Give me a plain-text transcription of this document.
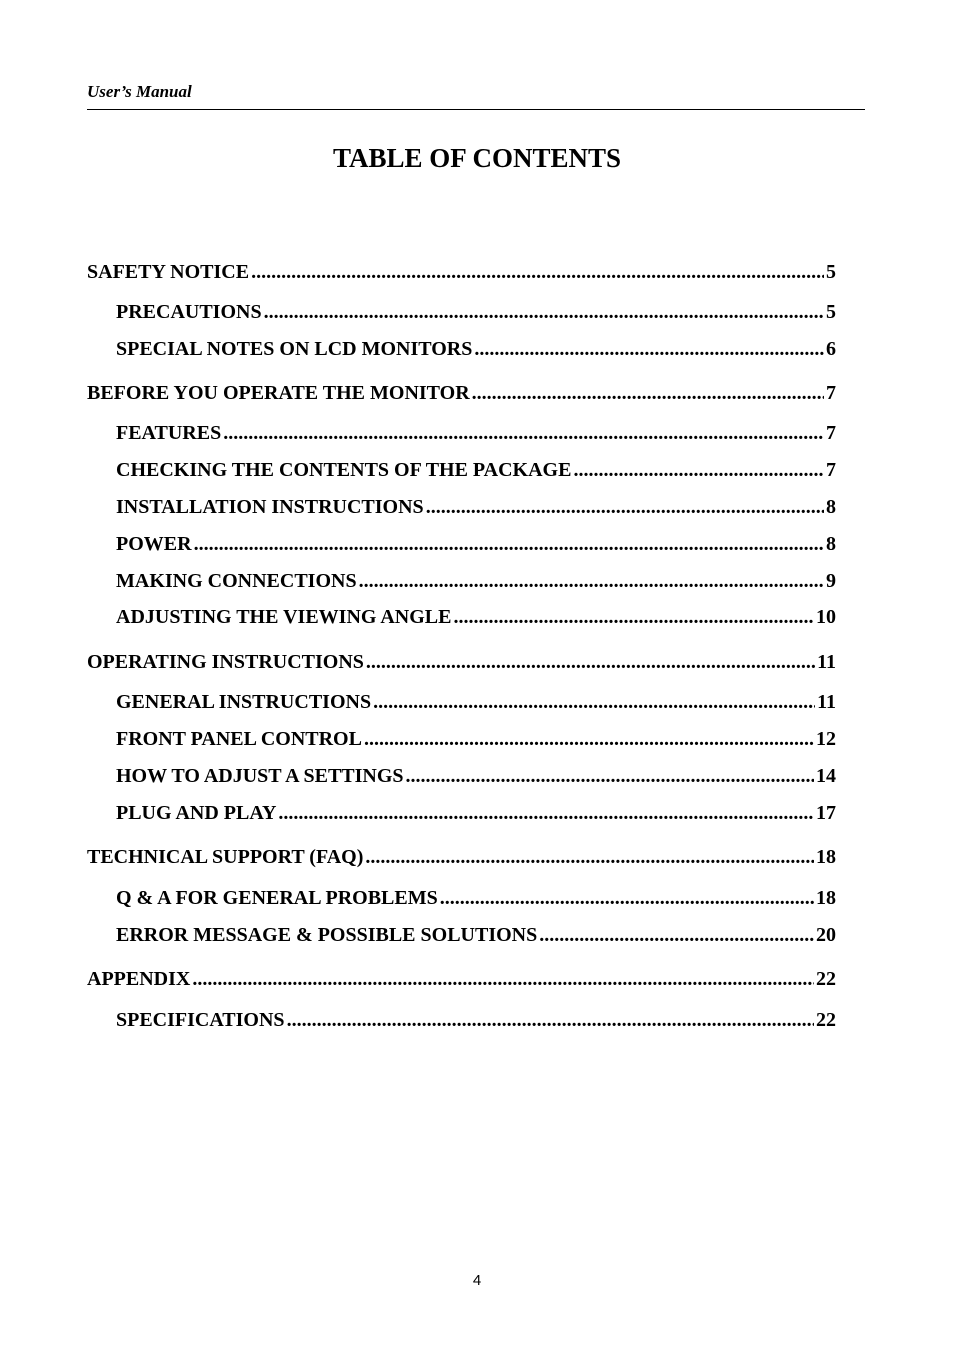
User’s Manual
TABLE OF CONTENTS
SAFETY NOTICE .....	5
PRECAUTIONS .....	5
SPECIAL NOTES ON LCD MONITORS .....	6
BEFORE YOU OPERATE THE MONITOR .....	7
FEATURES .....	7
CHECKING THE CONTENTS OF THE PACKAGE .....	7
INSTALLATION INSTRUCTIONS .....	8
POWER .....	8
MAKING CONNECTIONS .....	9
ADJUSTING THE VIEWING ANGLE .....	10
OPERATING INSTRUCTIONS .....	11
GENERAL INSTRUCTIONS .....	11
FRONT PANEL CONTROL .....	12
HOW TO ADJUST A SETTINGS .....	14
PLUG AND PLAY .....	17
TECHNICAL SUPPORT (FAQ) .....	18
Q & A FOR GENERAL PROBLEMS .....	18
ERROR MESSAGE & POSSIBLE SOLUTIONS .....	20
APPENDIX .....	22
SPECIFICATIONS .....	22
4
